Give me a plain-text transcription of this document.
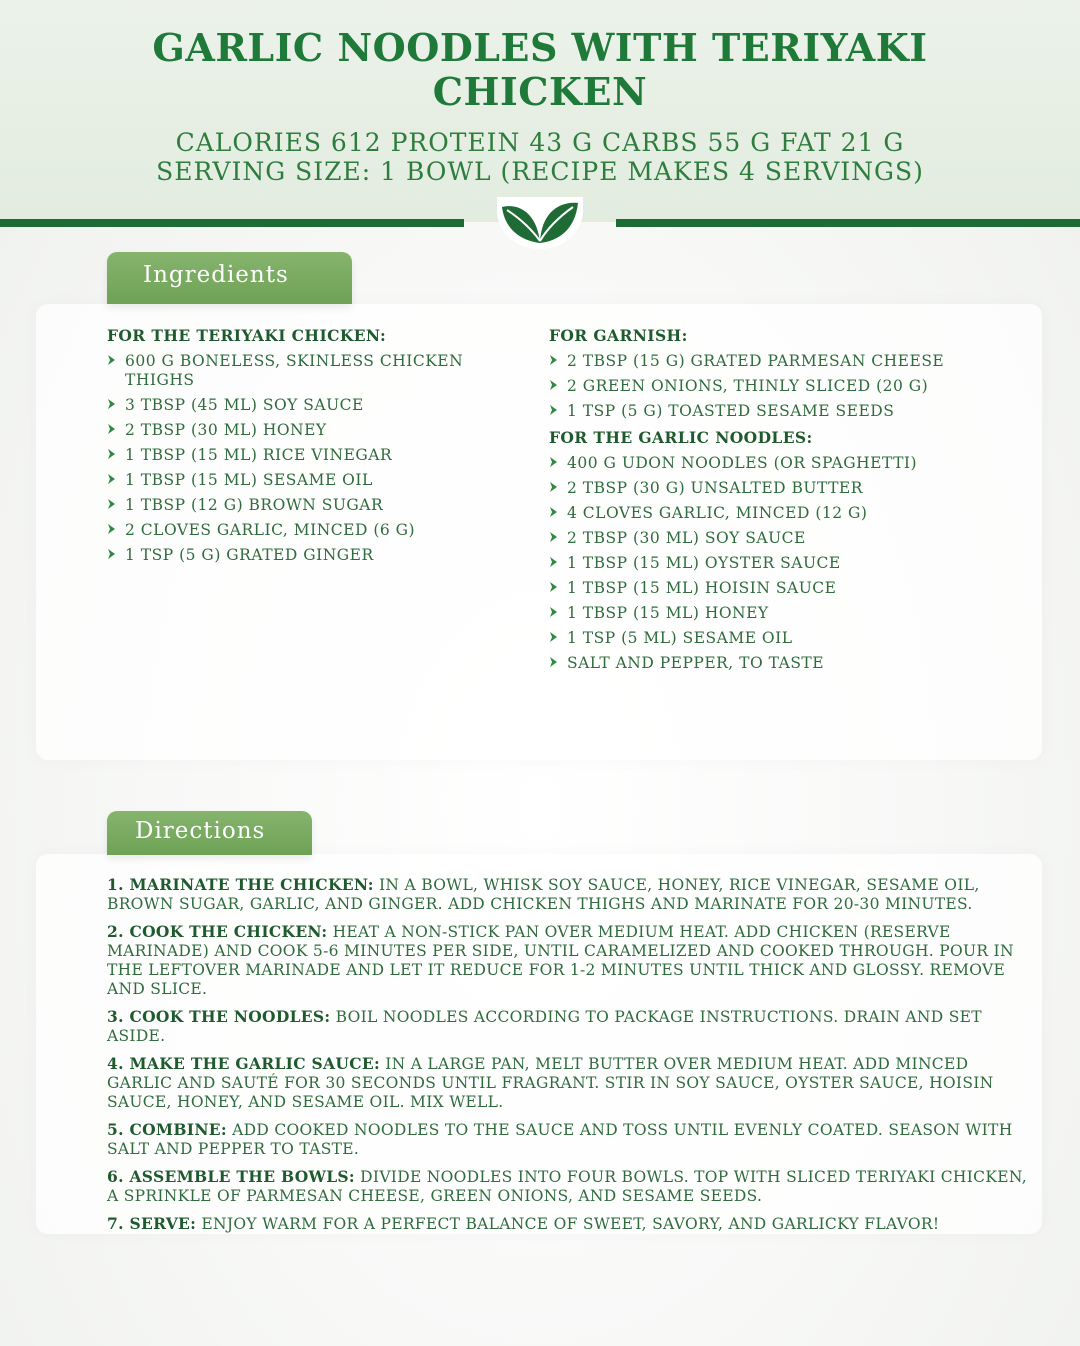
GARLIC NOODLES WITH TERIYAKI
CHICKEN
CALORIES 612 PROTEIN 43 G CARBS 55 G FAT 21 G
SERVING SIZE: 1 BOWL (RECIPE MAKES 4 SERVINGS)
Ingredients
FOR THE TERIYAKI CHICKEN:
600 G BONELESS, SKINLESS CHICKEN THIGHS
3 TBSP (45 ML) SOY SAUCE
2 TBSP (30 ML) HONEY
1 TBSP (15 ML) RICE VINEGAR
1 TBSP (15 ML) SESAME OIL
1 TBSP (12 G) BROWN SUGAR
2 CLOVES GARLIC, MINCED (6 G)
1 TSP (5 G) GRATED GINGER
FOR GARNISH:
2 TBSP (15 G) GRATED PARMESAN CHEESE
2 GREEN ONIONS, THINLY SLICED (20 G)
1 TSP (5 G) TOASTED SESAME SEEDS
FOR THE GARLIC NOODLES:
400 G UDON NOODLES (OR SPAGHETTI)
2 TBSP (30 G) UNSALTED BUTTER
4 CLOVES GARLIC, MINCED (12 G)
2 TBSP (30 ML) SOY SAUCE
1 TBSP (15 ML) OYSTER SAUCE
1 TBSP (15 ML) HOISIN SAUCE
1 TBSP (15 ML) HONEY
1 TSP (5 ML) SESAME OIL
SALT AND PEPPER, TO TASTE
Directions

1. MARINATE THE CHICKEN: IN A BOWL, WHISK SOY SAUCE, HONEY, RICE VINEGAR, SESAME OIL, BROWN SUGAR, GARLIC, AND GINGER. ADD CHICKEN THIGHS AND MARINATE FOR 20-30 MINUTES.

2. COOK THE CHICKEN: HEAT A NON-STICK PAN OVER MEDIUM HEAT. ADD CHICKEN (RESERVE MARINADE) AND COOK 5-6 MINUTES PER SIDE, UNTIL CARAMELIZED AND COOKED THROUGH. POUR IN THE LEFTOVER MARINADE AND LET IT REDUCE FOR 1-2 MINUTES UNTIL THICK AND GLOSSY. REMOVE AND SLICE.

3. COOK THE NOODLES: BOIL NOODLES ACCORDING TO PACKAGE INSTRUCTIONS. DRAIN AND SET ASIDE.

4. MAKE THE GARLIC SAUCE: IN A LARGE PAN, MELT BUTTER OVER MEDIUM HEAT. ADD MINCED GARLIC AND SAUTÉ FOR 30 SECONDS UNTIL FRAGRANT. STIR IN SOY SAUCE, OYSTER SAUCE, HOISIN SAUCE, HONEY, AND SESAME OIL. MIX WELL.

5. COMBINE: ADD COOKED NOODLES TO THE SAUCE AND TOSS UNTIL EVENLY COATED. SEASON WITH SALT AND PEPPER TO TASTE.

6. ASSEMBLE THE BOWLS: DIVIDE NOODLES INTO FOUR BOWLS. TOP WITH SLICED TERIYAKI CHICKEN, A SPRINKLE OF PARMESAN CHEESE, GREEN ONIONS, AND SESAME SEEDS.

7. SERVE: ENJOY WARM FOR A PERFECT BALANCE OF SWEET, SAVORY, AND GARLICKY FLAVOR!
